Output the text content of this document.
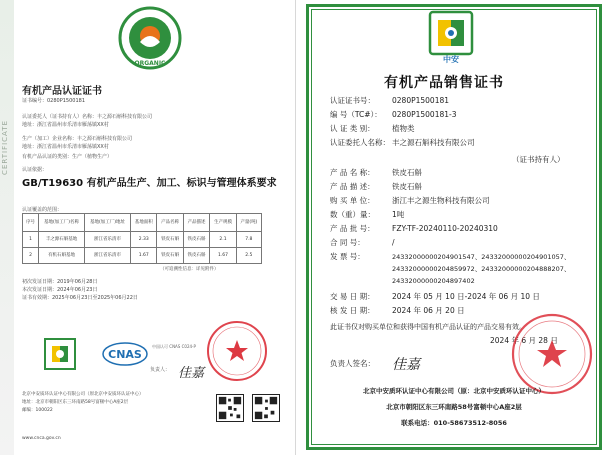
CERTIFICATE
ORGANIC
有机产品认证证书
证书编号：0280P1500181
认证委托人（证书持有人）名称：丰之源石斛科技有限公司
地址：浙江省温州市乐清市雁荡镇XX村
生产（加工）企业名称：丰之源石斛科技有限公司
地址：浙江省温州市乐清市雁荡镇XX村
有机产品认证的类别：生产（植物生产）
认证依据：
GB/T19630 有机产品生产、加工、标识与管理体系要求
认证覆盖的范围：
序号	基地(加工厂)名称	基地(加工厂)地址	基地面积	产品名称	产品描述	生产规模	产量(吨)
1	丰之源石斛基地	浙江省乐清市	2.33	铁皮石斛	铁皮石斛	2.1	7.8
2	有机石斛基地	浙江省乐清市	1.67	铁皮石斛	铁皮石斛	1.67	2.5
（可追溯性信息：详见附件）
初次发证日期：2019年06月28日
本次发证日期：2024年06月23日
证书有效期：2025年06月23日至2025年06月22日
CNAS
中国认可 CNAS C024-P
负责人： 佳嘉
北京中安质环认证中心有限公司（原北京中安质环认证中心）
地址：北京市朝阳区东三环南路58号富顿中心A座2层
邮编：100022
www.cnca.gov.cn
中安
有机产品销售证书
认证证书号： 0280P1500181
编 号（TC#）： 0280P1500181-3
认 证 类 别： 植物类
认证委托人名称： 丰之源石斛科技有限公司
（证书持有人）
产 品 名 称： 铁皮石斛
产 品 描 述： 铁皮石斛
购 买 单 位： 浙江丰之源生物科技有限公司
数（重）量： 1吨
产 品 批 号： FZY-TF-20240110-20240310
合 同 号：	/
发 票 号：	24332000000204901547、24332000000204901057、
24332000000204859972、24332000000204888207、
24332000000204897402
交 易 日 期： 2024 年 05 月 10 日-2024 年 06 月 10 日
核 发 日 期： 2024 年 06 月 20 日
此证书仅对购买单位和获得中国有机产品认证的产品交易有效。
2024 年 6 月 28 日
负责人签名： 佳嘉
北京中安质环认证中心有限公司（原：北京中安质环认证中心）
北京市朝阳区东三环南路58号富顿中心A座2层
联系电话：010-58673512-8056
